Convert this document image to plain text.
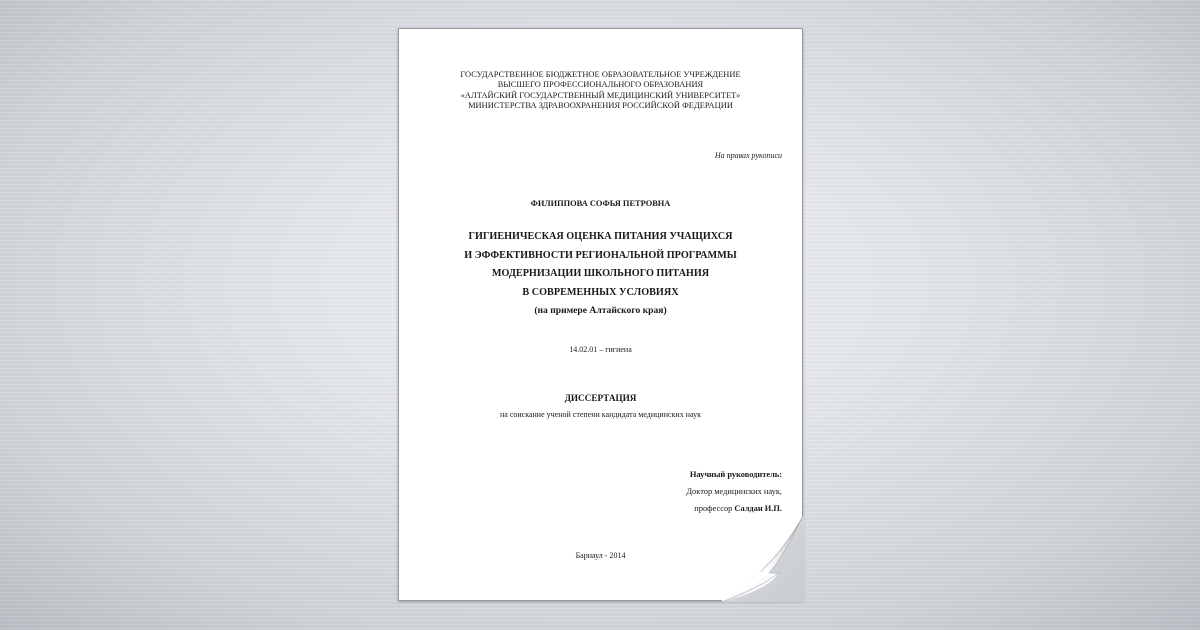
ГОСУДАРСТВЕННОЕ БЮДЖЕТНОЕ ОБРАЗОВАТЕЛЬНОЕ УЧРЕЖДЕНИЕ
ВЫСШЕГО ПРОФЕССИОНАЛЬНОГО ОБРАЗОВАНИЯ
«АЛТАЙСКИЙ ГОСУДАРСТВЕННЫЙ МЕДИЦИНСКИЙ УНИВЕРСИТЕТ»
МИНИСТЕРСТВА ЗДРАВООХРАНЕНИЯ РОССИЙСКОЙ ФЕДЕРАЦИИ
На правах рукописи
ФИЛИППОВА СОФЬЯ ПЕТРОВНА
ГИГИЕНИЧЕСКАЯ ОЦЕНКА ПИТАНИЯ УЧАЩИХСЯ
И ЭФФЕКТИВНОСТИ РЕГИОНАЛЬНОЙ ПРОГРАММЫ
МОДЕРНИЗАЦИИ ШКОЛЬНОГО ПИТАНИЯ
В СОВРЕМЕННЫХ УСЛОВИЯХ
(на примере Алтайского края)
14.02.01 – гигиена
ДИССЕРТАЦИЯ
на соискание ученой степени кандидата медицинских наук
Научный руководитель:
Доктор медицинских наук,
профессор Салдан И.П.
Барнаул - 2014
